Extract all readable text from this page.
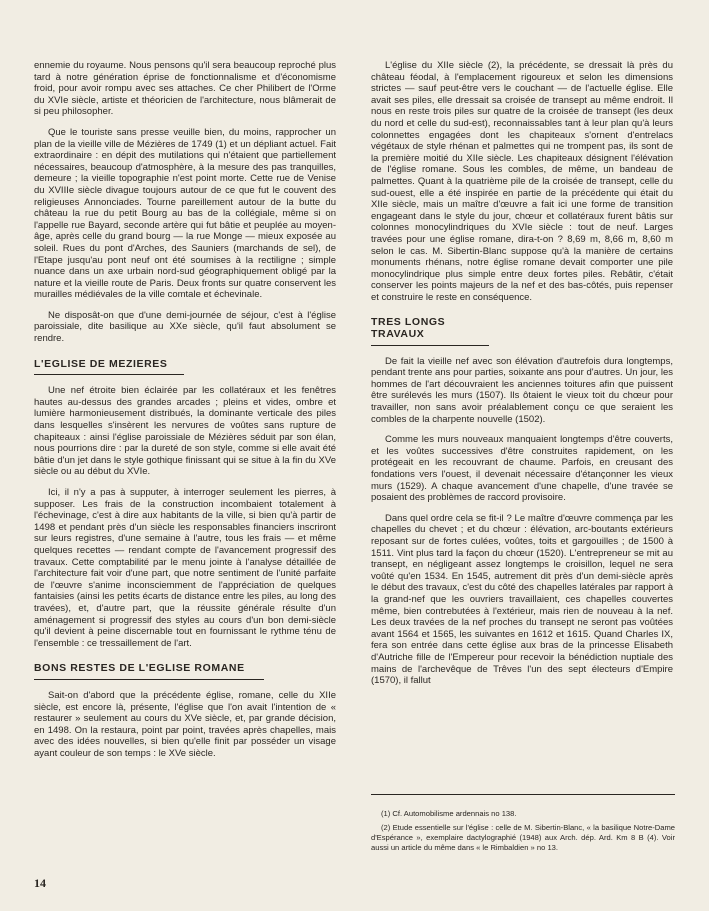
ennemie du royaume. Nous pensons qu'il sera beaucoup reproché plus tard à notre génération éprise de fonctionnalisme et d'économisme froid, pour avoir rompu avec ses attaches. Ce cher Philibert de l'Orme du XVIe siècle, artiste et théoricien de l'architecture, nous blâmerait de si peu philosopher.

Que le touriste sans presse veuille bien, du moins, rapprocher un plan de la vieille ville de Mézières de 1749 (1) et un dépliant actuel. Fait extraordinaire : en dépit des mutilations qui n'étaient que partiellement nécessaires, beaucoup d'atmosphère, à la mesure des pas tranquilles, demeure ; la vieille topographie n'est point morte. Cette rue de Venise du XVIIIe siècle divague toujours autour de ce que fut le couvent des religieuses Annonciades. Tourne pareillement autour de la butte du château la rue du petit Bourg au bas de la collégiale, même si on l'appelle rue Bayard, seconde artère qui fut bâtie et peuplée au moyen-âge, après celle du grand bourg — la rue Monge — mieux exposée au soleil. Rues du pont d'Arches, des Sauniers (marchands de sel), de l'Etape jusqu'au pont neuf ont été soumises à la rectiligne ; simple nuance dans un axe urbain nord-sud géographiquement obligé par la nature et la vieille route de Paris. Deux fronts sur quatre conservent les murailles médiévales de la ville comtale et échevinale.

Ne disposât-on que d'une demi-journée de séjour, c'est à l'église paroissiale, dite basilique au XXe siècle, qu'il faut absolument se rendre.

L'EGLISE DE MEZIERES

Une nef étroite bien éclairée par les collatéraux et les fenêtres hautes au-dessus des grandes arcades ; pleins et vides, ombre et lumière harmonieusement distribués, la dominante verticale des piles dans lesquelles s'insèrent les nervures de voûtes sans rupture de chapiteaux : ainsi l'église paroissiale de Mézières séduit par son élan, nous pourrions dire : par la dureté de son style, comme si elle avait été bâtie d'un jet dans le style gothique finissant qui se situe à la fin du XVe siècle ou au début du XVIe.

Ici, il n'y a pas à supputer, à interroger seulement les pierres, à supposer. Les frais de la construction incombaient totalement à l'échevinage, c'est à dire aux habitants de la ville, si bien qu'à partir de 1498 et pendant près d'un siècle les responsables financiers inscriront sur leurs registres, d'une semaine à l'autre, tous les frais — et même quelques recettes — rendant compte de l'avancement progressif des travaux. Cette comptabilité par le menu jointe à l'analyse détaillée de l'architecture fait voir d'une part, que notre sentiment de l'unité parfaite de l'œuvre s'anime inconsciemment de l'appréciation de quelques fantaisies (ainsi les petits écarts de distance entre les piles, au long des travées), et, d'autre part, que la réussite générale résulte d'un aménagement si progressif des styles au cours d'un bon demi-siècle qu'il devient à peine discernable tout en fournissant le rythme ténu de l'ensemble : ce tressaillement de l'art.

BONS RESTES DE L'EGLISE ROMANE

Sait-on d'abord que la précédente église, romane, celle du XIIe siècle, est encore là, présente, l'église que l'on avait l'intention de « restaurer » seulement au cours du XVe siècle, et, par grande décision, en 1498. On la restaura, point par point, travées après chapelles, mais avec des idées nouvelles, si bien qu'elle finit par posséder un visage ayant couleur de son temps : le XVe siècle.

L'église du XIIe siècle (2), la précédente, se dressait là près du château féodal, à l'emplacement rigoureux et selon les dimensions strictes — sauf peut-être vers le couchant — de l'actuelle église. Elle avait ses piles, elle dressait sa croisée de transept au même endroit. Il nous en reste trois piles sur quatre de la croisée de transept (les deux du nord et celle du sud-est), reconnaissables tant à leur plan qu'à leurs colonnettes engagées dont les chapiteaux s'ornent d'entrelacs végétaux de style rhénan et palmettes qui ne trompent pas, ils sont de la première moitié du XIIe siècle. Les chapiteaux désignent l'élévation de l'église romane. Sous les combles, de même, un bandeau de palmettes. Quant à la quatrième pile de la croisée de transept, celle du sud-ouest, elle a été inspirée en partie de la précédente qui était du XIIe siècle, mais un maître d'œuvre a fait ici une forme de transition engageant dans le style du jour, chœur et collatéraux furent bâtis sur colonnes monocylindriques du XVIe siècle : tout de neuf. Larges travées pour une église romane, dira-t-on ? 8,69 m, 8,66 m, 8,60 m selon le cas. M. Sibertin-Blanc suppose qu'à la manière de certains monuments rhénans, notre église romane devait comporter une pile monocylindrique plus simple entre deux fortes piles. Rebâtir, c'était conserver les points majeurs de la nef et des bas-côtés, puis repenser et construire le reste en conséquence.

TRES LONGS TRAVAUX

De fait la vieille nef avec son élévation d'autrefois dura longtemps, pendant trente ans pour parties, soixante ans pour d'autres. Un jour, les hommes de l'art découvraient les anciennes toitures afin que puissent être surélevés les murs (1507). Ils ôtaient le vieux toit du chœur pour travailler, non sans avoir préalablement conçu ce que seraient les combles de la charpente nouvelle (1502).

Comme les murs nouveaux manquaient longtemps d'être couverts, et les voûtes successives d'être construites rapidement, on les protégeait en les recouvrant de chaume. Parfois, en creusant des fondations vers l'ouest, il devenait nécessaire d'étançonner les vieux murs (1529). A chaque avancement d'une chapelle, d'une travée se posaient des problèmes de raccord provisoire.

Dans quel ordre cela se fit-il ? Le maître d'œuvre commença par les chapelles du chevet ; et du chœur : élévation, arc-boutants extérieurs reposant sur de fortes culées, voûtes, toits et gargouilles ; de 1500 à 1511. Vint plus tard la façon du chœur (1520). L'entrepreneur se mit au transept, en négligeant assez longtemps le croisillon, lequel ne sera voûté qu'en 1534. En 1545, autrement dit près d'un demi-siècle après le début des travaux, c'est du côté des chapelles latérales par rapport à la grand-nef que les ouvriers travaillaient, ces chapelles couvertes même, bien contrebutées à l'extérieur, mais rien de nouveau à la nef. Les deux travées de la nef proches du transept ne seront pas voûtées avant 1564 et 1565, les suivantes en 1612 et 1615. Quand Charles IX, fera son entrée dans cette église aux bras de la princesse Elisabeth d'Autriche fille de l'Empereur pour recevoir la bénédiction nuptiale des mains de l'archevêque de Trêves l'un des sept électeurs d'Empire (1570), il fallut

(1) Cf. Automobilisme ardennais no 138.

(2) Etude essentielle sur l'église : celle de M. Sibertin-Blanc, « la basilique Notre-Dame d'Espérance », exemplaire dactylographié (1948) aux Arch. dép. Ard. Km 8 B (4). Voir aussi un article du même dans « le Rimbaldien » no 13.

14
